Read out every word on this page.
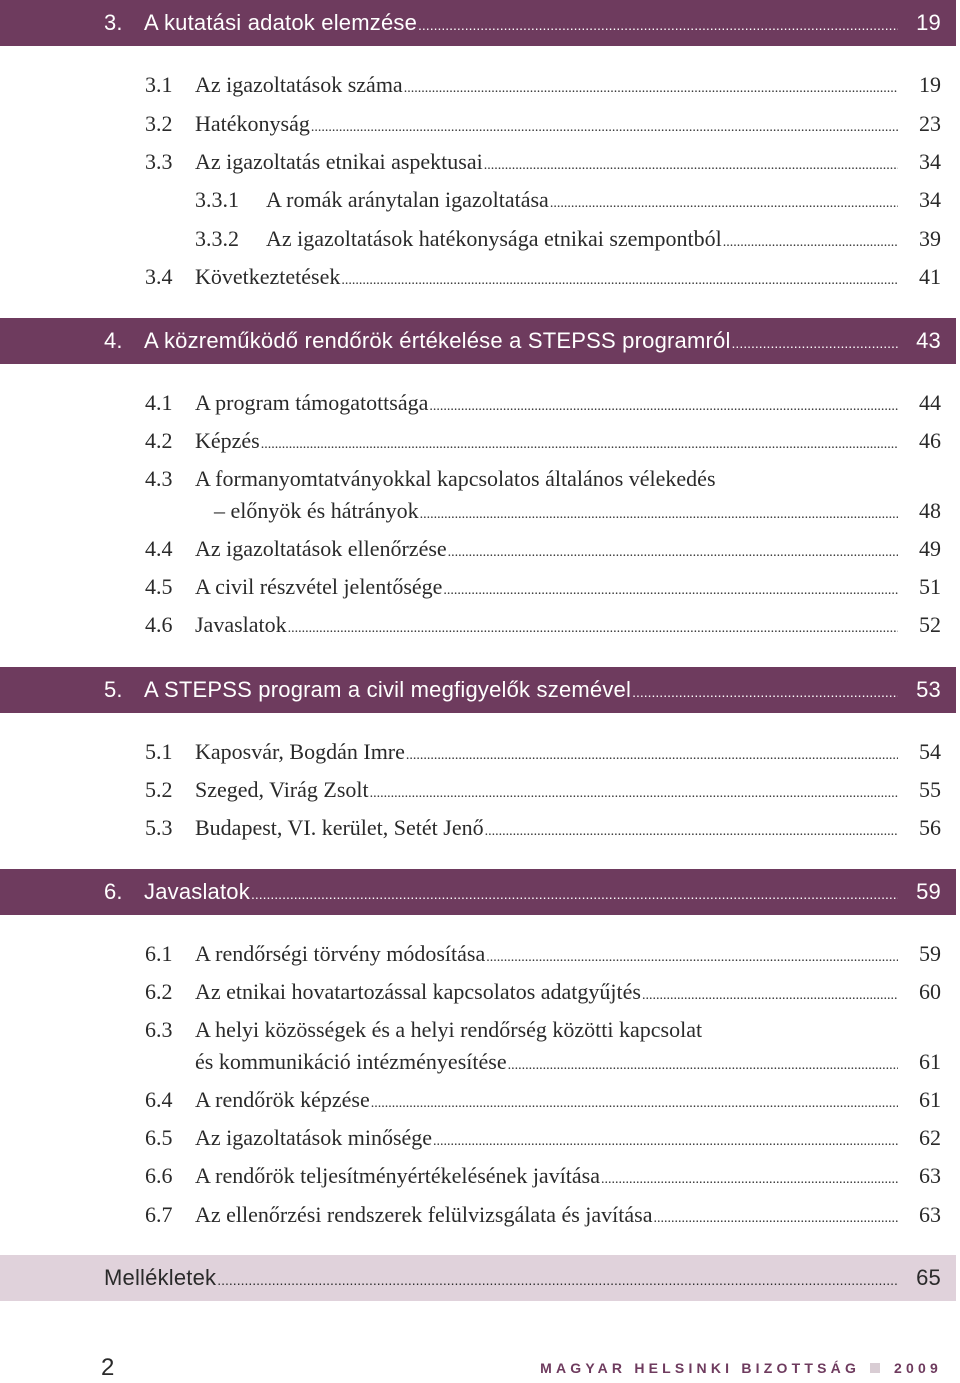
3. A kutatási adatok elemzése .....	19
3.1 Az igazoltatások száma .....	19
3.2 Hatékonyság .....	23
3.3 Az igazoltatás etnikai aspektusai .....	34
3.3.1 A romák aránytalan igazoltatása .....	34
3.3.2 Az igazoltatások hatékonysága etnikai szempontból .....	39
3.4 Következtetések .....	41
4. A közreműködő rendőrök értékelése a STEPSS programról .....	43
4.1 A program támogatottsága .....	44
4.2 Képzés .....	46
4.3 A formanyomtatványokkal kapcsolatos általános vélekedés
– előnyök és hátrányok .....	48
4.4 Az igazoltatások ellenőrzése .....	49
4.5 A civil részvétel jelentősége .....	51
4.6 Javaslatok .....	52
5. A STEPSS program a civil megfigyelők szemével .....	53
5.1 Kaposvár, Bogdán Imre .....	54
5.2 Szeged, Virág Zsolt .....	55
5.3 Budapest, VI. kerület, Setét Jenő .....	56
6. Javaslatok .....	59
6.1 A rendőrségi törvény módosítása .....	59
6.2 Az etnikai hovatartozással kapcsolatos adatgyűjtés .....	60
6.3 A helyi közösségek és a helyi rendőrség közötti kapcsolat
és kommunikáció intézményesítése .....	61
6.4 A rendőrök képzése .....	61
6.5 Az igazoltatások minősége .....	62
6.6 A rendőrök teljesítményértékelésének javítása .....	63
6.7 Az ellenőrzési rendszerek felülvizsgálata és javítása .....	63
Mellékletek .....	65
2	MAGYAR HELSINKI BIZOTTSÁG 2009
